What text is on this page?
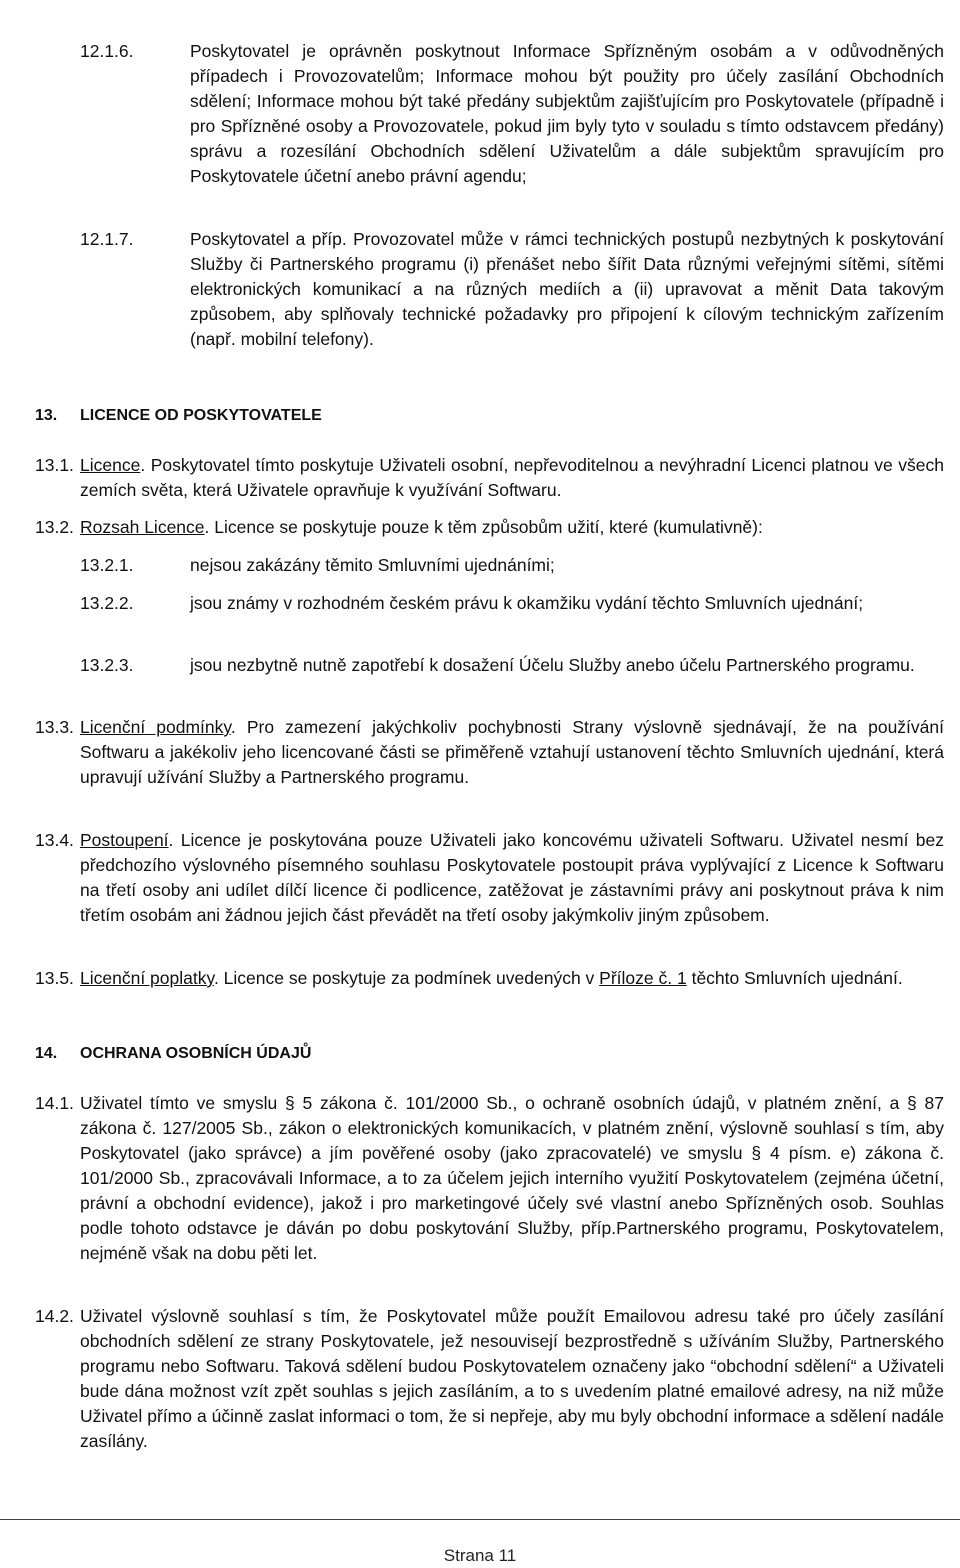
12.1.6.	Poskytovatel je oprávněn poskytnout Informace Spřízněným osobám a v odůvodněných případech i Provozovatelům; Informace mohou být použity pro účely zasílání Obchodních sdělení; Informace mohou být také předány subjektům zajišťujícím pro Poskytovatele (případně i pro Spřízněné osoby a Provozovatele, pokud jim byly tyto v souladu s tímto odstavcem předány) správu a rozesílání Obchodních sdělení Uživatelům a dále subjektům spravujícím pro Poskytovatele účetní anebo právní agendu;
12.1.7.	Poskytovatel a příp. Provozovatel může v rámci technických postupů nezbytných k poskytování Služby či Partnerského programu (i) přenášet nebo šířit Data různými veřejnými sítěmi, sítěmi elektronických komunikací a na různých mediích a (ii) upravovat a měnit Data takovým způsobem, aby splňovaly technické požadavky pro připojení k cílovým technickým zařízením (např. mobilní telefony).
13.	LICENCE OD POSKYTOVATELE
13.1. Licence. Poskytovatel tímto poskytuje Uživateli osobní, nepřevoditelnou a nevýhradní Licenci platnou ve všech zemích světa, která Uživatele opravňuje k využívání Softwaru.
13.2. Rozsah Licence. Licence se poskytuje pouze k těm způsobům užití, které (kumulativně):
13.2.1.	nejsou zakázány těmito Smluvními ujednáními;
13.2.2.	jsou známy v rozhodném českém právu k okamžiku vydání těchto Smluvních ujednání;
13.2.3.	jsou nezbytně nutně zapotřebí k dosažení Účelu Služby anebo účelu Partnerského programu.
13.3. Licenční podmínky. Pro zamezení jakýchkoliv pochybnosti Strany výslovně sjednávají, že na používání Softwaru a jakékoliv jeho licencované části se přiměřeně vztahují ustanovení těchto Smluvních ujednání, která upravují užívání Služby a Partnerského programu.
13.4. Postoupení. Licence je poskytována pouze Uživateli jako koncovému uživateli Softwaru. Uživatel nesmí bez předchozího výslovného písemného souhlasu Poskytovatele postoupit práva vyplývající z Licence k Softwaru na třetí osoby ani udílet dílčí licence či podlicence, zatěžovat je zástavními právy ani poskytnout práva k nim třetím osobám ani žádnou jejich část převádět na třetí osoby jakýmkoliv jiným způsobem.
13.5. Licenční poplatky. Licence se poskytuje za podmínek uvedených v Příloze č. 1 těchto Smluvních ujednání.
14.	OCHRANA OSOBNÍCH ÚDAJŮ
14.1. Uživatel tímto ve smyslu § 5 zákona č. 101/2000 Sb., o ochraně osobních údajů, v platném znění, a § 87 zákona č. 127/2005 Sb., zákon o elektronických komunikacích, v platném znění, výslovně souhlasí s tím, aby Poskytovatel (jako správce) a jím pověřené osoby (jako zpracovatelé) ve smyslu § 4 písm. e) zákona č. 101/2000 Sb., zpracovávali Informace, a to za účelem jejich interního využití Poskytovatelem (zejména účetní, právní a obchodní evidence), jakož i pro marketingové účely své vlastní anebo Spřízněných osob. Souhlas podle tohoto odstavce je dáván po dobu poskytování Služby, příp.Partnerského programu, Poskytovatelem, nejméně však na dobu pěti let.
14.2. Uživatel výslovně souhlasí s tím, že Poskytovatel může použít Emailovou adresu také pro účely zasílání obchodních sdělení ze strany Poskytovatele, jež nesouvisejí bezprostředně s užíváním Služby, Partnerského programu nebo Softwaru. Taková sdělení budou Poskytovatelem označeny jako “obchodní sdělení“ a Uživateli bude dána možnost vzít zpět souhlas s jejich zasíláním, a to s uvedením platné emailové adresy, na niž může Uživatel přímo a účinně zaslat informaci o tom, že si nepřeje, aby mu byly obchodní informace a sdělení nadále zasílány.
Strana 11
